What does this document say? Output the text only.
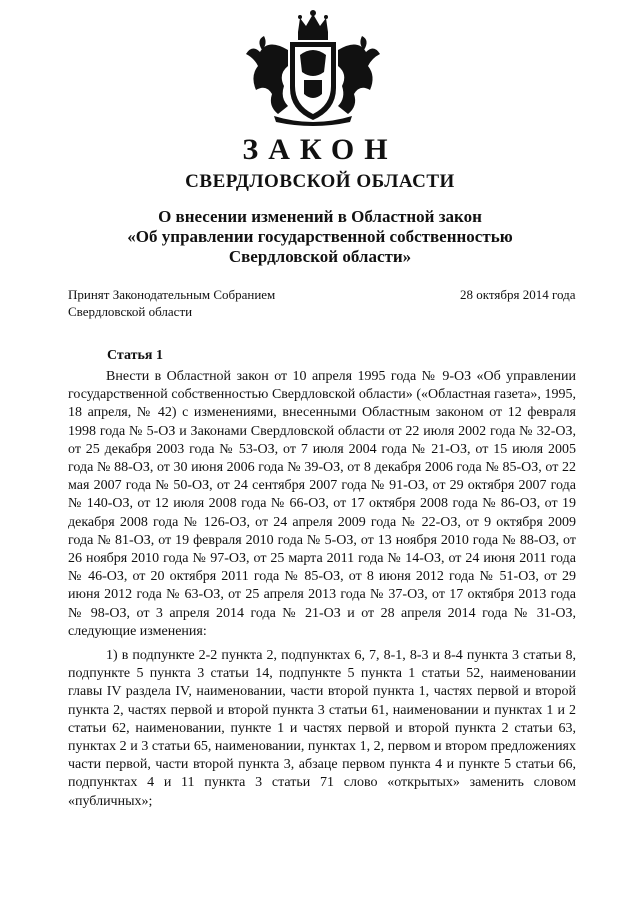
ЗАКОН
СВЕРДЛОВСКОЙ ОБЛАСТИ
О внесении изменений в Областной закон
«Об управлении государственной собственностью
Свердловской области»
Принят Законодательным Собранием
Свердловской области
28 октября 2014 года
Статья 1

Внести в Областной закон от 10 апреля 1995 года № 9-ОЗ «Об управлении государственной собственностью Свердловской области» («Областная газета», 1995, 18 апреля, № 42) с изменениями, внесенными Областным законом от 12 февраля 1998 года № 5-ОЗ и Законами Свердловской области от 22 июля 2002 года № 32-ОЗ, от 25 декабря 2003 года № 53-ОЗ, от 7 июля 2004 года № 21-ОЗ, от 15 июля 2005 года № 88-ОЗ, от 30 июня 2006 года № 39-ОЗ, от 8 декабря 2006 года № 85-ОЗ, от 22 мая 2007 года № 50-ОЗ, от 24 сентября 2007 года № 91-ОЗ, от 29 октября 2007 года № 140-ОЗ, от 12 июля 2008 года № 66-ОЗ, от 17 октября 2008 года № 86-ОЗ, от 19 декабря 2008 года № 126-ОЗ, от 24 апреля 2009 года № 22-ОЗ, от 9 октября 2009 года № 81-ОЗ, от 19 февраля 2010 года № 5-ОЗ, от 13 ноября 2010 года № 88-ОЗ, от 26 ноября 2010 года № 97-ОЗ, от 25 марта 2011 года № 14-ОЗ, от 24 июня 2011 года № 46-ОЗ, от 20 октября 2011 года № 85-ОЗ, от 8 июня 2012 года № 51-ОЗ, от 29 июня 2012 года № 63-ОЗ, от 25 апреля 2013 года № 37-ОЗ, от 17 октября 2013 года № 98-ОЗ, от 3 апреля 2014 года № 21-ОЗ и от 28 апреля 2014 года № 31-ОЗ, следующие изменения:

1) в подпункте 2-2 пункта 2, подпунктах 6, 7, 8-1, 8-3 и 8-4 пункта 3 статьи 8, подпункте 5 пункта 3 статьи 14, подпункте 5 пункта 1 статьи 52, наименовании главы IV раздела IV, наименовании, части второй пункта 1, частях первой и второй пункта 2, частях первой и второй пункта 3 статьи 61, наименовании и пунктах 1 и 2 статьи 62, наименовании, пункте 1 и частях первой и второй пункта 2 статьи 63, пунктах 2 и 3 статьи 65, наименовании, пунктах 1, 2, первом и втором предложениях части первой, части второй пункта 3, абзаце первом пункта 4 и пункте 5 статьи 66, подпунктах 4 и 11 пункта 3 статьи 71 слово «открытых» заменить словом «публичных»;
